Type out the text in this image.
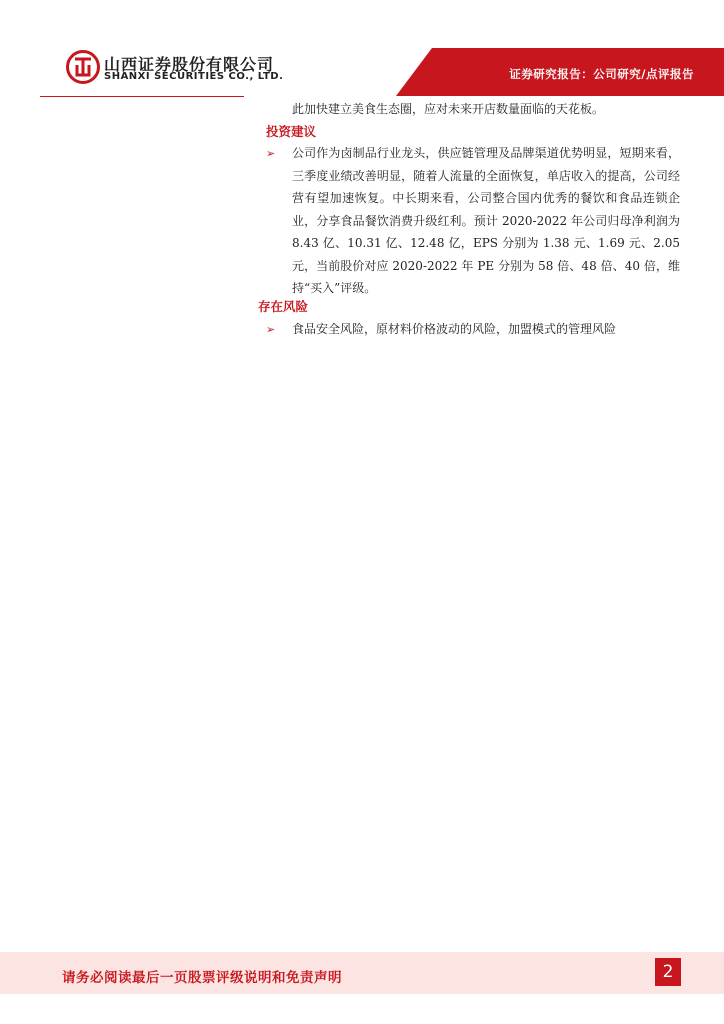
山西证券股份有限公司
SHANXI SECURITIES CO., LTD.	证券研究报告：公司研究/点评报告
此加快建立美食生态圈，应对未来开店数量面临的天花板。
投资建议
➢ 公司作为卤制品行业龙头，供应链管理及品牌渠道优势明显，短期来看，三季度业绩改善明显，随着人流量的全面恢复，单店收入的提高，公司经营有望加速恢复。中长期来看，公司整合国内优秀的餐饮和食品连锁企业，分享食品餐饮消费升级红利。预计 2020-2022 年公司归母净利润为 8.43 亿、10.31 亿、12.48 亿，EPS 分别为 1.38 元、1.69 元、2.05 元，当前股价对应 2020-2022 年 PE 分别为 58 倍、48 倍、40 倍，维持“买入”评级。
存在风险
➢ 食品安全风险，原材料价格波动的风险，加盟模式的管理风险
请务必阅读最后一页股票评级说明和免责声明	2
